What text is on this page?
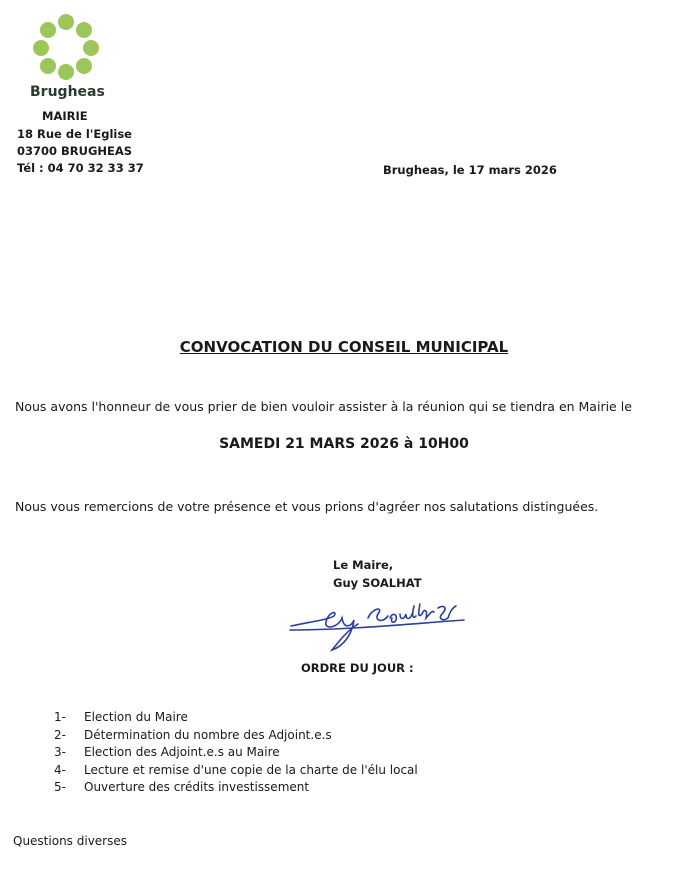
Brugheas
MAIRIE
18 Rue de l'Eglise
03700 BRUGHEAS
Tél : 04 70 32 33 37	Brugheas, le 17 mars 2026
CONVOCATION DU CONSEIL MUNICIPAL
Nous avons l'honneur de vous prier de bien vouloir assister à la réunion qui se tiendra en Mairie le
SAMEDI 21 MARS 2026 à 10H00
Nous vous remercions de votre présence et vous prions d'agréer nos salutations distinguées.
Le Maire,
Guy SOALHAT
ORDRE DU JOUR :
1- Election du Maire
2- Détermination du nombre des Adjoint.e.s
3- Election des Adjoint.e.s au Maire
4- Lecture et remise d'une copie de la charte de l'élu local
5- Ouverture des crédits investissement
Questions diverses
